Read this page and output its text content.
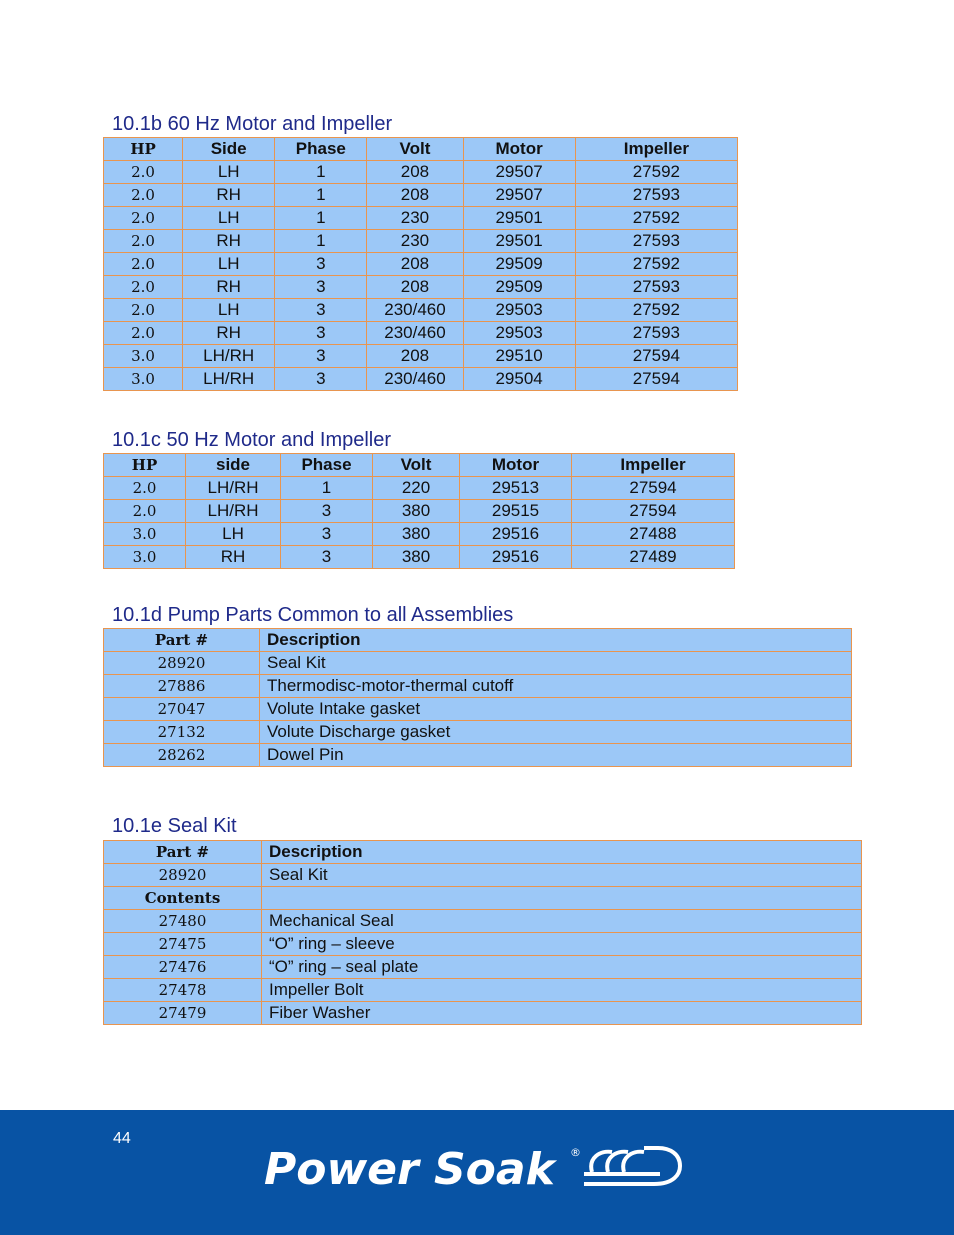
10.1b 60 Hz Motor and Impeller
HP	Side	Phase	Volt	Motor	Impeller
2.0	LH	1	208	29507	27592
2.0	RH	1	208	29507	27593
2.0	LH	1	230	29501	27592
2.0	RH	1	230	29501	27593
2.0	LH	3	208	29509	27592
2.0	RH	3	208	29509	27593
2.0	LH	3	230/460	29503	27592
2.0	RH	3	230/460	29503	27593
3.0	LH/RH	3	208	29510	27594
3.0	LH/RH	3	230/460	29504	27594
10.1c 50 Hz Motor and Impeller
HP	side	Phase	Volt	Motor	Impeller
2.0	LH/RH	1	220	29513	27594
2.0	LH/RH	3	380	29515	27594
3.0	LH	3	380	29516	27488
3.0	RH	3	380	29516	27489
10.1d Pump Parts Common to all Assemblies
Part #	Description
28920	Seal Kit
27886	Thermodisc-motor-thermal cutoff
27047	Volute Intake gasket
27132	Volute Discharge gasket
28262	Dowel Pin
10.1e Seal Kit
Part #	Description
28920	Seal Kit
Contents	
27480	Mechanical Seal
27475	“O” ring – sleeve
27476	“O” ring – seal plate
27478	Impeller Bolt
27479	Fiber Washer
44
Power Soak ®
